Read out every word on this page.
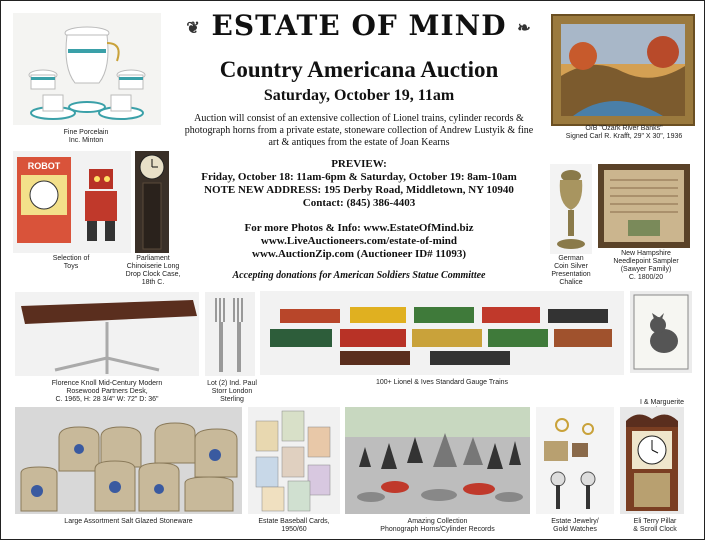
❦ ESTATE OF MIND ❧
Country Americana Auction
Saturday, October 19, 11am
Auction will consist of an extensive collection of Lionel trains, cylinder records & photograph horns from a private estate, stoneware collection of Andrew Lustyik & fine art & antiques from the estate of Joan Kearns
PREVIEW:
Friday, October 18: 11am-6pm & Saturday, October 19: 8am-10am
NOTE NEW ADDRESS: 195 Derby Road, Middletown, NY 10940
Contact: (845) 386-4403
For more Photos & Info: www.EstateOfMind.biz
www.LiveAuctioneers.com/estate-of-mind
www.AuctionZip.com (Auctioneer ID# 11093)
Accepting donations for American Soldiers Statue Committee
Fine Porcelain
Inc. Minton
O/B "Ozark River Banks"
Signed Carl R. Krafft, 29" X 30", 1936
ROBOT
Selection of
Toys
Parliament
Chinoiserie Long
Drop Clock Case,
18th C.
German
Coin Silver
Presentation
Chalice
New Hampshire
Needlepoint Sampler
(Sawyer Family)
C. 1800/20
Florence Knoll Mid-Century Modern
Rosewood Partners Desk,
C. 1965, H: 28 3/4" W: 72" D: 36"
Lot (2) Ind. Paul
Storr London
Sterling
100+ Lionel & Ives Standard Gauge Trains
I & Marguerite

Large Assortment Salt Glazed Stoneware	Estate Baseball Cards,
1950/60
Amazing Collection
Phonograph Horns/Cylinder Records
Estate Jewelry/
Gold Watches
Eli Terry Pillar
& Scroll Clock
